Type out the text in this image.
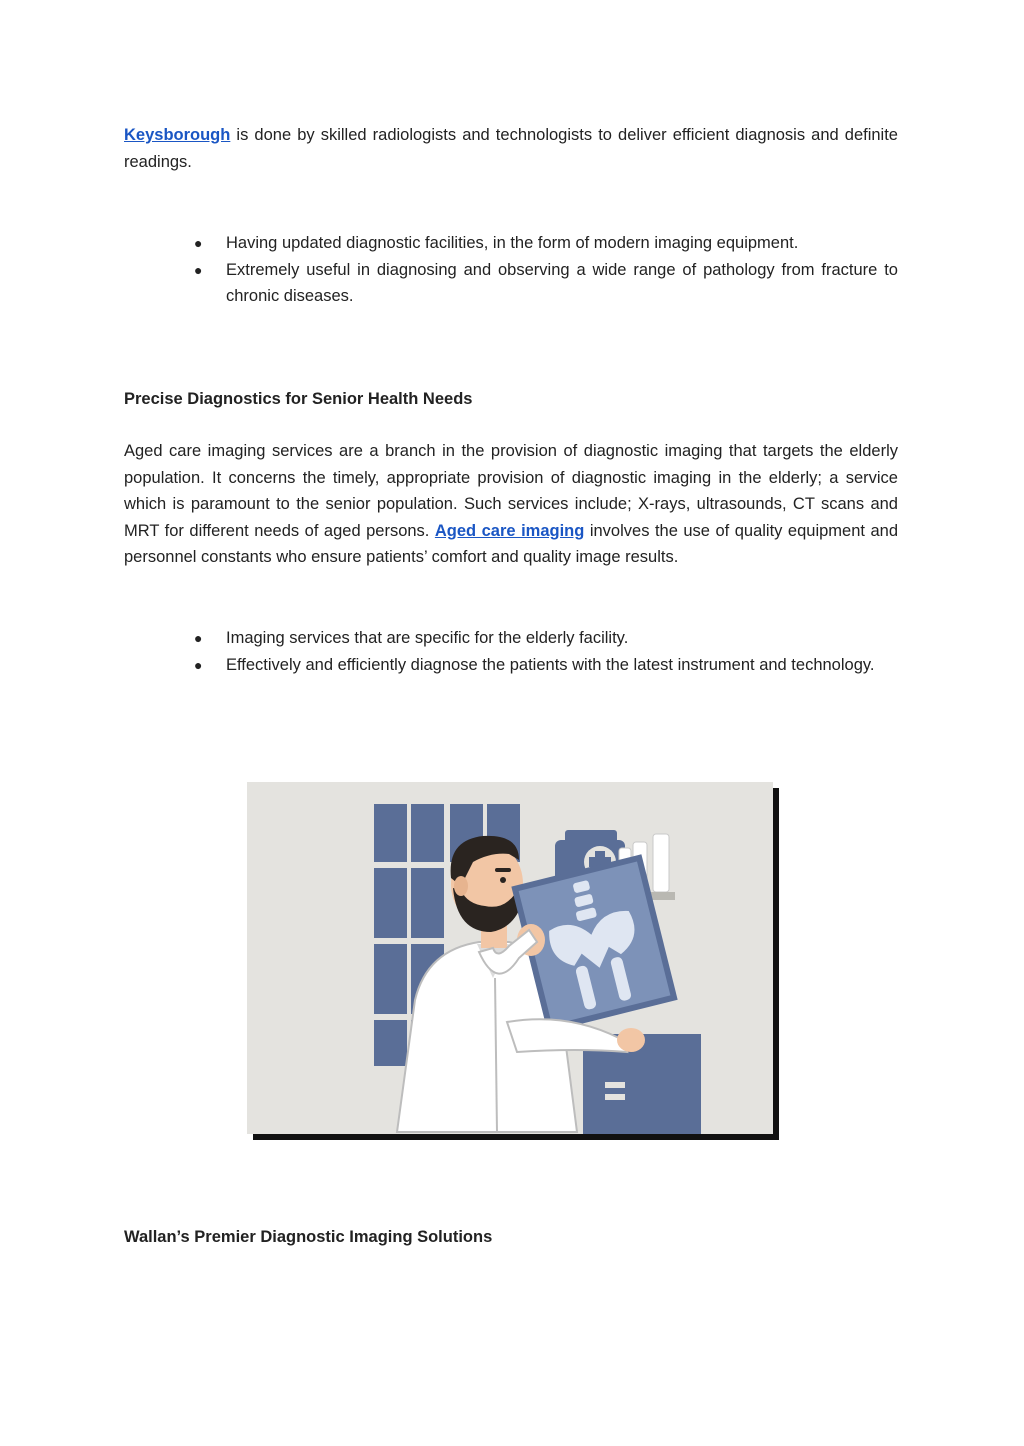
Keysborough is done by skilled radiologists and technologists to deliver efficient diagnosis and definite readings.

● Having updated diagnostic facilities, in the form of modern imaging equipment.
● Extremely useful in diagnosing and observing a wide range of pathology from fracture to chronic diseases.
Precise Diagnostics for Senior Health Needs

Aged care imaging services are a branch in the provision of diagnostic imaging that targets the elderly population. It concerns the timely, appropriate provision of diagnostic imaging in the elderly; a service which is paramount to the senior population. Such services include; X-rays, ultrasounds, CT scans and MRT for different needs of aged persons. Aged care imaging involves the use of quality equipment and personnel constants who ensure patients’ comfort and quality image results.

● Imaging services that are specific for the elderly facility.
● Effectively and efficiently diagnose the patients with the latest instrument and technology.
Wallan’s Premier Diagnostic Imaging Solutions
